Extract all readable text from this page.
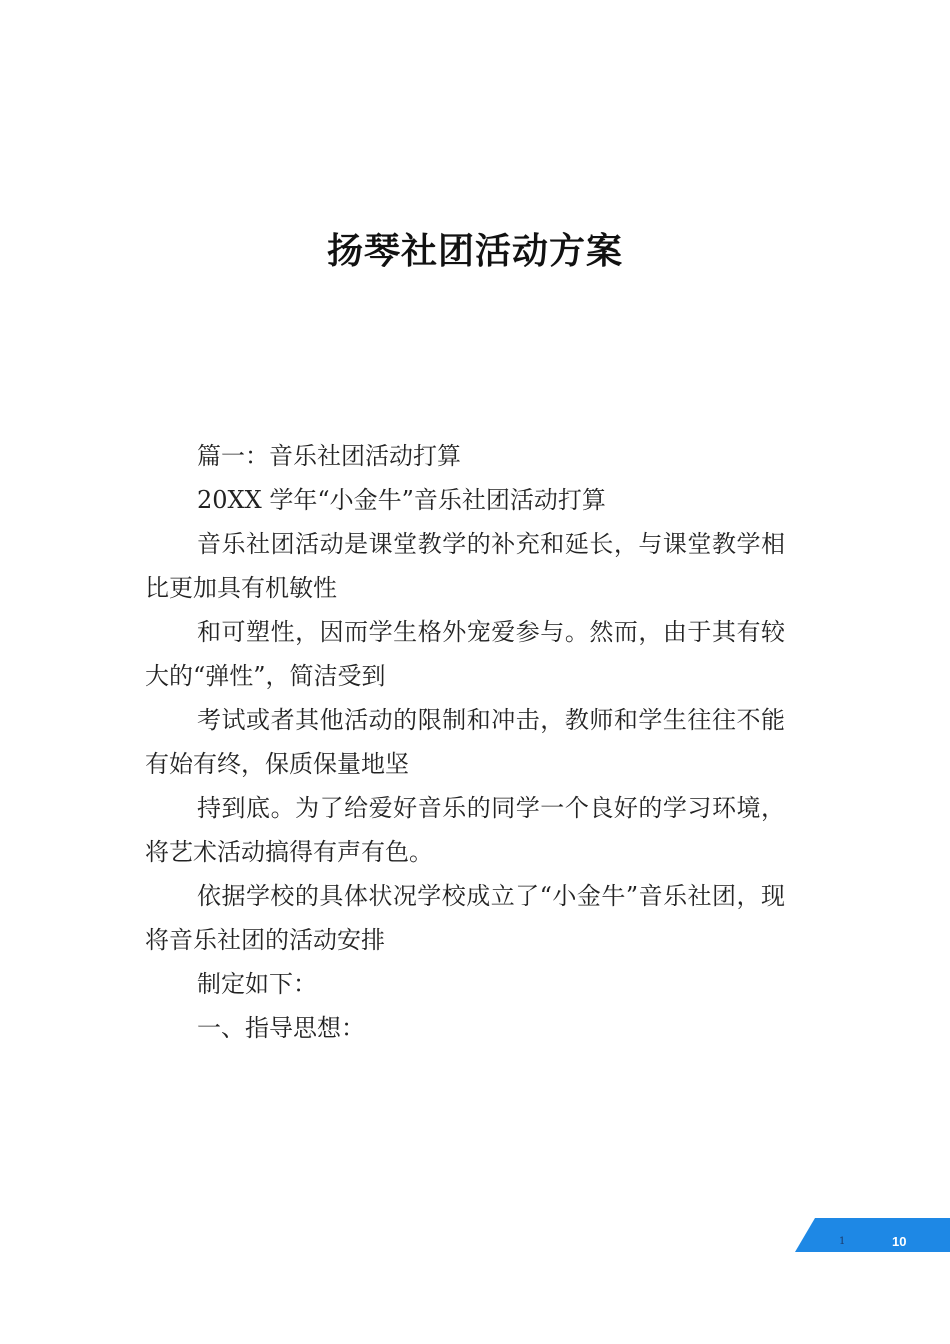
扬琴社团活动方案

篇一：音乐社团活动打算

20XX 学年“小金牛”音乐社团活动打算

音乐社团活动是课堂教学的补充和延长，与课堂教学相比更加具有机敏性

和可塑性，因而学生格外宠爱参与。然而，由于其有较大的“弹性”，简洁受到

考试或者其他活动的限制和冲击，教师和学生往往不能有始有终，保质保量地坚

持到底。为了给爱好音乐的同学一个良好的学习环境，将艺术活动搞得有声有色。

依据学校的具体状况学校成立了“小金牛”音乐社团，现将音乐社团的活动安排

制定如下：

一、指导思想：

1	10
